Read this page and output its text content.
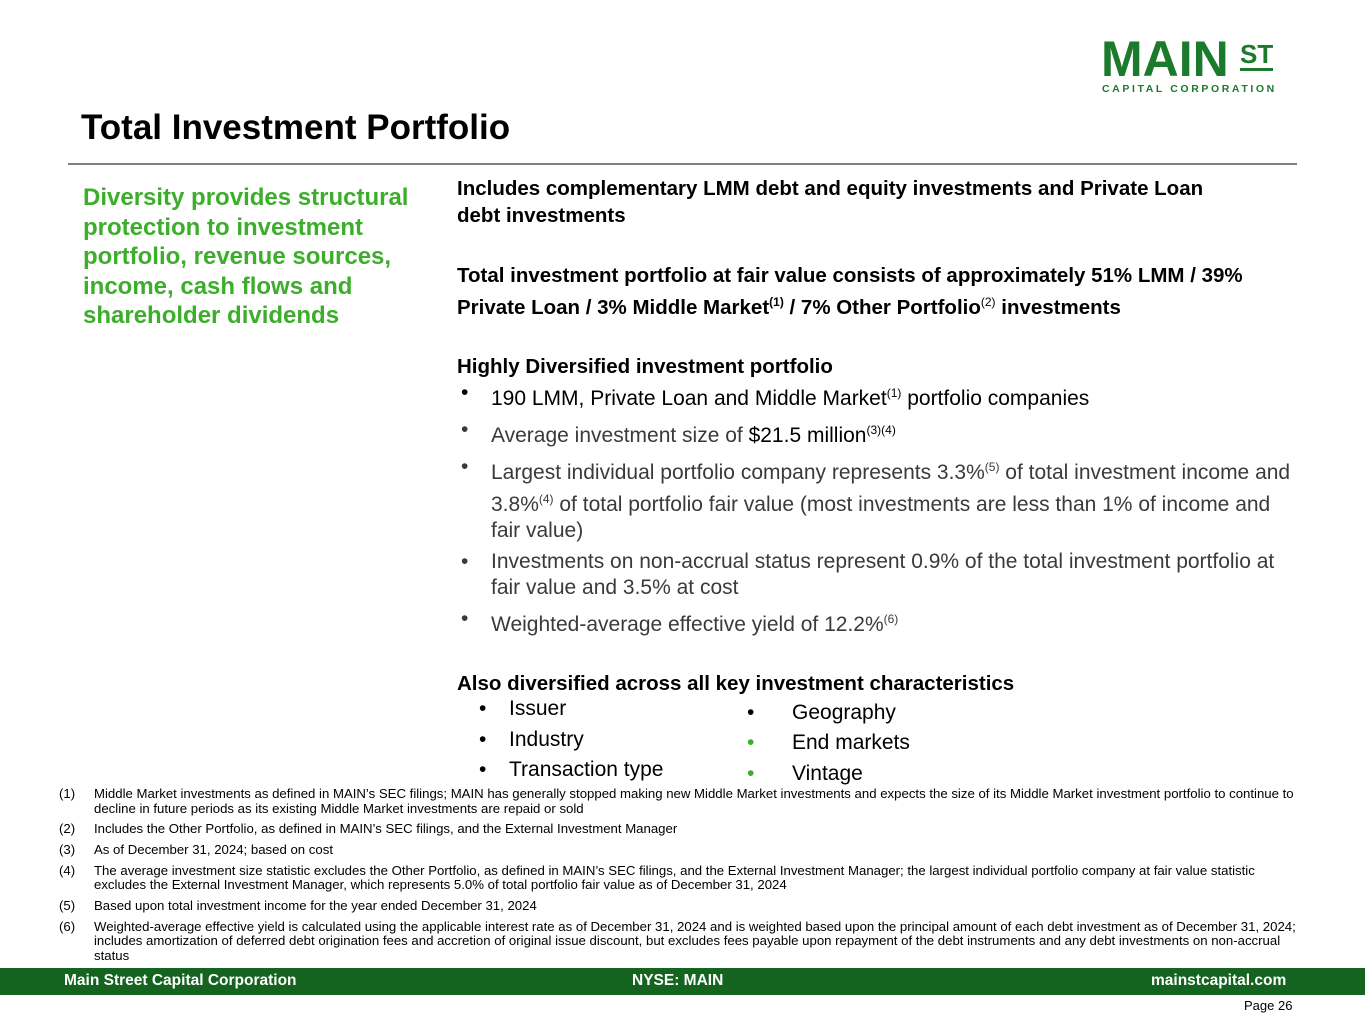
MAIN ST
CAPITAL CORPORATION
Total Investment Portfolio
Diversity provides structural protection to investment portfolio, revenue sources, income, cash flows and shareholder dividends
Includes complementary LMM debt and equity investments and Private Loan debt investments
Total investment portfolio at fair value consists of approximately 51% LMM / 39% Private Loan / 3% Middle Market$^{(1)}$ / 7% Other Portfolio$^{(2)}$ investments
Highly Diversified investment portfolio
• 190 LMM, Private Loan and Middle Market$^{(1)}$ portfolio companies
• Average investment size of $21.5 million$^{(3)(4)}$
• Largest individual portfolio company represents 3.3%$^{(5)}$ of total investment income and 3.8%$^{(4)}$ of total portfolio fair value (most investments are less than 1% of income and fair value)
• Investments on non-accrual status represent 0.9% of the total investment portfolio at fair value and 3.5% at cost
• Weighted-average effective yield of 12.2%$^{(6)}$
Also diversified across all key investment characteristics
• Issuer
• Industry
• Transaction type
• Geography
• End markets
• Vintage
(1) Middle Market investments as defined in MAIN’s SEC filings; MAIN has generally stopped making new Middle Market investments and expects the size of its Middle Market investment portfolio to continue to decline in future periods as its existing Middle Market investments are repaid or sold
(2) Includes the Other Portfolio, as defined in MAIN’s SEC filings, and the External Investment Manager
(3) As of December 31, 2024; based on cost
(4) The average investment size statistic excludes the Other Portfolio, as defined in MAIN’s SEC filings, and the External Investment Manager; the largest individual portfolio company at fair value statistic excludes the External Investment Manager, which represents 5.0% of total portfolio fair value as of December 31, 2024
(5) Based upon total investment income for the year ended December 31, 2024
(6) Weighted-average effective yield is calculated using the applicable interest rate as of December 31, 2024 and is weighted based upon the principal amount of each debt investment as of December 31, 2024; includes amortization of deferred debt origination fees and accretion of original issue discount, but excludes fees payable upon repayment of the debt instruments and any debt investments on non-accrual status
Main Street Capital Corporation	NYSE: MAIN	mainstcapital.com
Page 26
